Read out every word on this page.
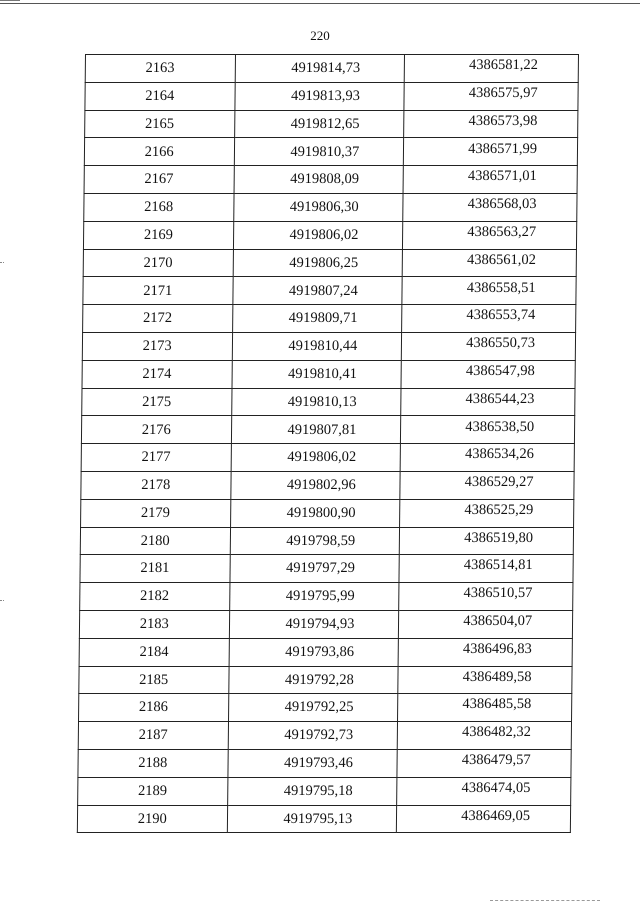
220
2163	4919814,73	4386581,22
2164	4919813,93	4386575,97
2165	4919812,65	4386573,98
2166	4919810,37	4386571,99
2167	4919808,09	4386571,01
2168	4919806,30	4386568,03
2169	4919806,02	4386563,27
2170	4919806,25	4386561,02
2171	4919807,24	4386558,51
2172	4919809,71	4386553,74
2173	4919810,44	4386550,73
2174	4919810,41	4386547,98
2175	4919810,13	4386544,23
2176	4919807,81	4386538,50
2177	4919806,02	4386534,26
2178	4919802,96	4386529,27
2179	4919800,90	4386525,29
2180	4919798,59	4386519,80
2181	4919797,29	4386514,81
2182	4919795,99	4386510,57
2183	4919794,93	4386504,07
2184	4919793,86	4386496,83
2185	4919792,28	4386489,58
2186	4919792,25	4386485,58
2187	4919792,73	4386482,32
2188	4919793,46	4386479,57
2189	4919795,18	4386474,05
2190	4919795,13	4386469,05
